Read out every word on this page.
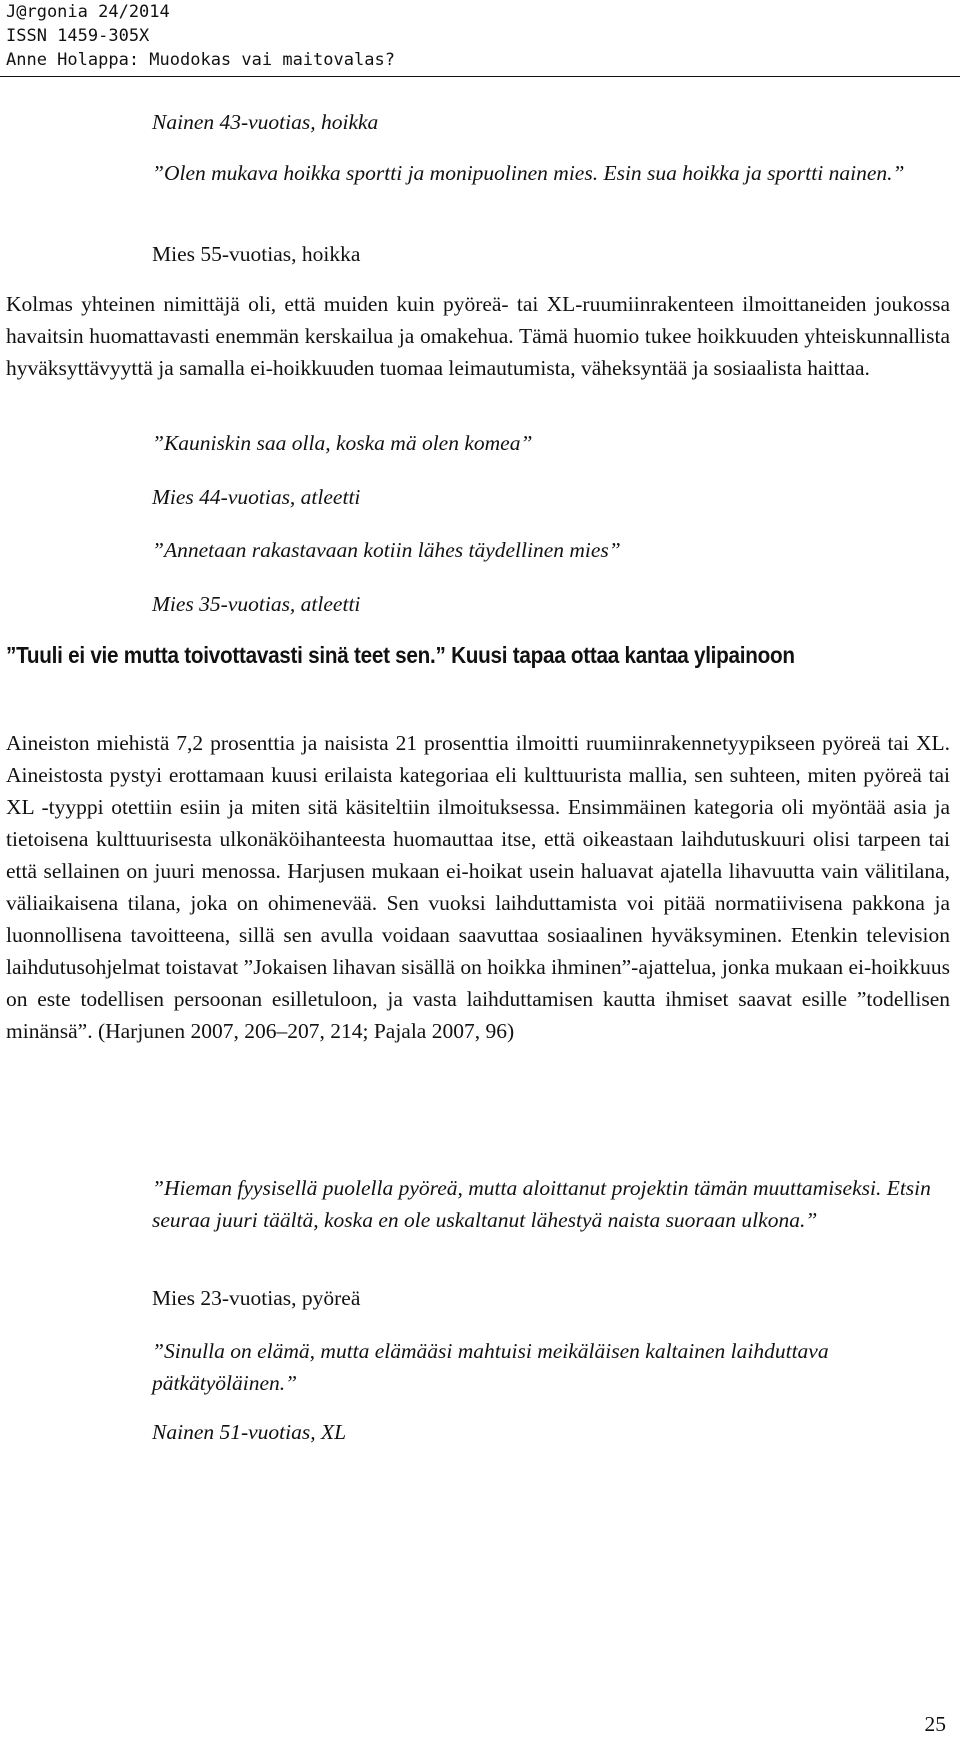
J@rgonia 24/2014
ISSN 1459-305X
Anne Holappa: Muodokas vai maitovalas?

Nainen 43-vuotias, hoikka

”Olen mukava hoikka sportti ja monipuolinen mies. Esin sua hoikka ja sportti nainen.”

Mies 55-vuotias, hoikka

Kolmas yhteinen nimittäjä oli, että muiden kuin pyöreä- tai XL-ruumiinrakenteen ilmoittaneiden joukossa havaitsin huomattavasti enemmän kerskailua ja omakehua. Tämä huomio tukee hoikkuuden yhteiskunnallista hyväksyttävyyttä ja samalla ei-hoikkuuden tuomaa leimautumista, väheksyntää ja sosiaalista haittaa.

”Kauniskin saa olla, koska mä olen komea”

Mies 44-vuotias, atleetti

”Annetaan rakastavaan kotiin lähes täydellinen mies”

Mies 35-vuotias, atleetti

”Tuuli ei vie mutta toivottavasti sinä teet sen.” Kuusi tapaa ottaa kantaa ylipainoon

Aineiston miehistä 7,2 prosenttia ja naisista 21 prosenttia ilmoitti ruumiinrakennetyypikseen pyöreä tai XL. Aineistosta pystyi erottamaan kuusi erilaista kategoriaa eli kulttuurista mallia, sen suhteen, miten pyöreä tai XL -tyyppi otettiin esiin ja miten sitä käsiteltiin ilmoituksessa. Ensimmäinen kategoria oli myöntää asia ja tietoisena kulttuurisesta ulkonäköihanteesta huomauttaa itse, että oikeastaan laihdutuskuuri olisi tarpeen tai että sellainen on juuri menossa. Harjusen mukaan ei-hoikat usein haluavat ajatella lihavuutta vain välitilana, väliaikaisena tilana, joka on ohimenevää. Sen vuoksi laihduttamista voi pitää normatiivisena pakkona ja luonnollisena tavoitteena, sillä sen avulla voidaan saavuttaa sosiaalinen hyväksyminen. Etenkin television laihdutusohjelmat toistavat ”Jokaisen lihavan sisällä on hoikka ihminen”-ajattelua, jonka mukaan ei-hoikkuus on este todellisen persoonan esilletuloon, ja vasta laihduttamisen kautta ihmiset saavat esille ”todellisen minänsä”. (Harjunen 2007, 206–207, 214; Pajala 2007, 96)

”Hieman fyysisellä puolella pyöreä, mutta aloittanut projektin tämän muuttamiseksi. Etsin seuraa juuri täältä, koska en ole uskaltanut lähestyä naista suoraan ulkona.”

Mies 23-vuotias, pyöreä

”Sinulla on elämä, mutta elämääsi mahtuisi meikäläisen kaltainen laihduttava pätkätyöläinen.”

Nainen 51-vuotias, XL

25
